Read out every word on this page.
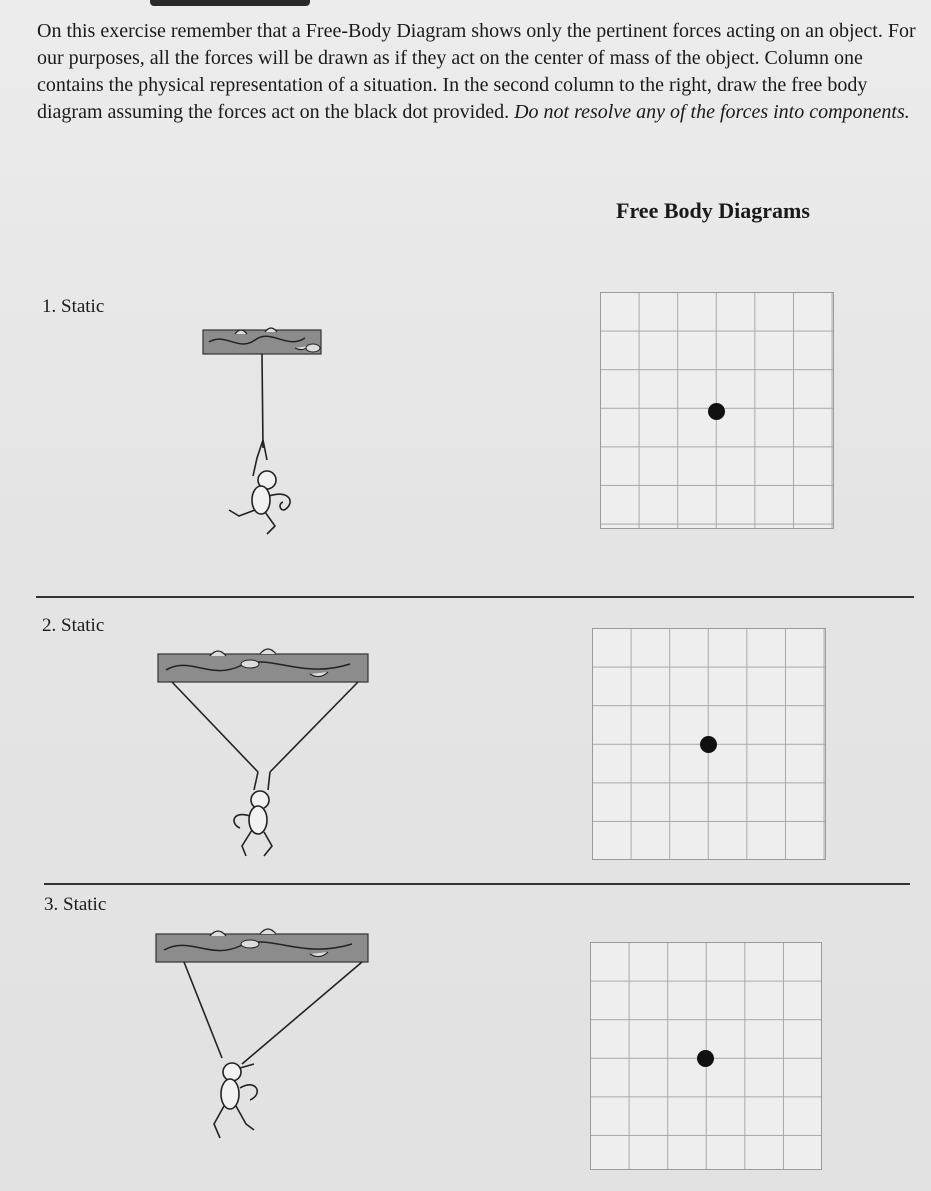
On this exercise remember that a Free-Body Diagram shows only the pertinent forces acting on an object. For our purposes, all the forces will be drawn as if they act on the center of mass of the object. Column one contains the physical representation of a situation. In the second column to the right, draw the free body diagram assuming the forces act on the black dot provided. Do not resolve any of the forces into components.

Free Body Diagrams
1. Static
2. Static
3. Static
